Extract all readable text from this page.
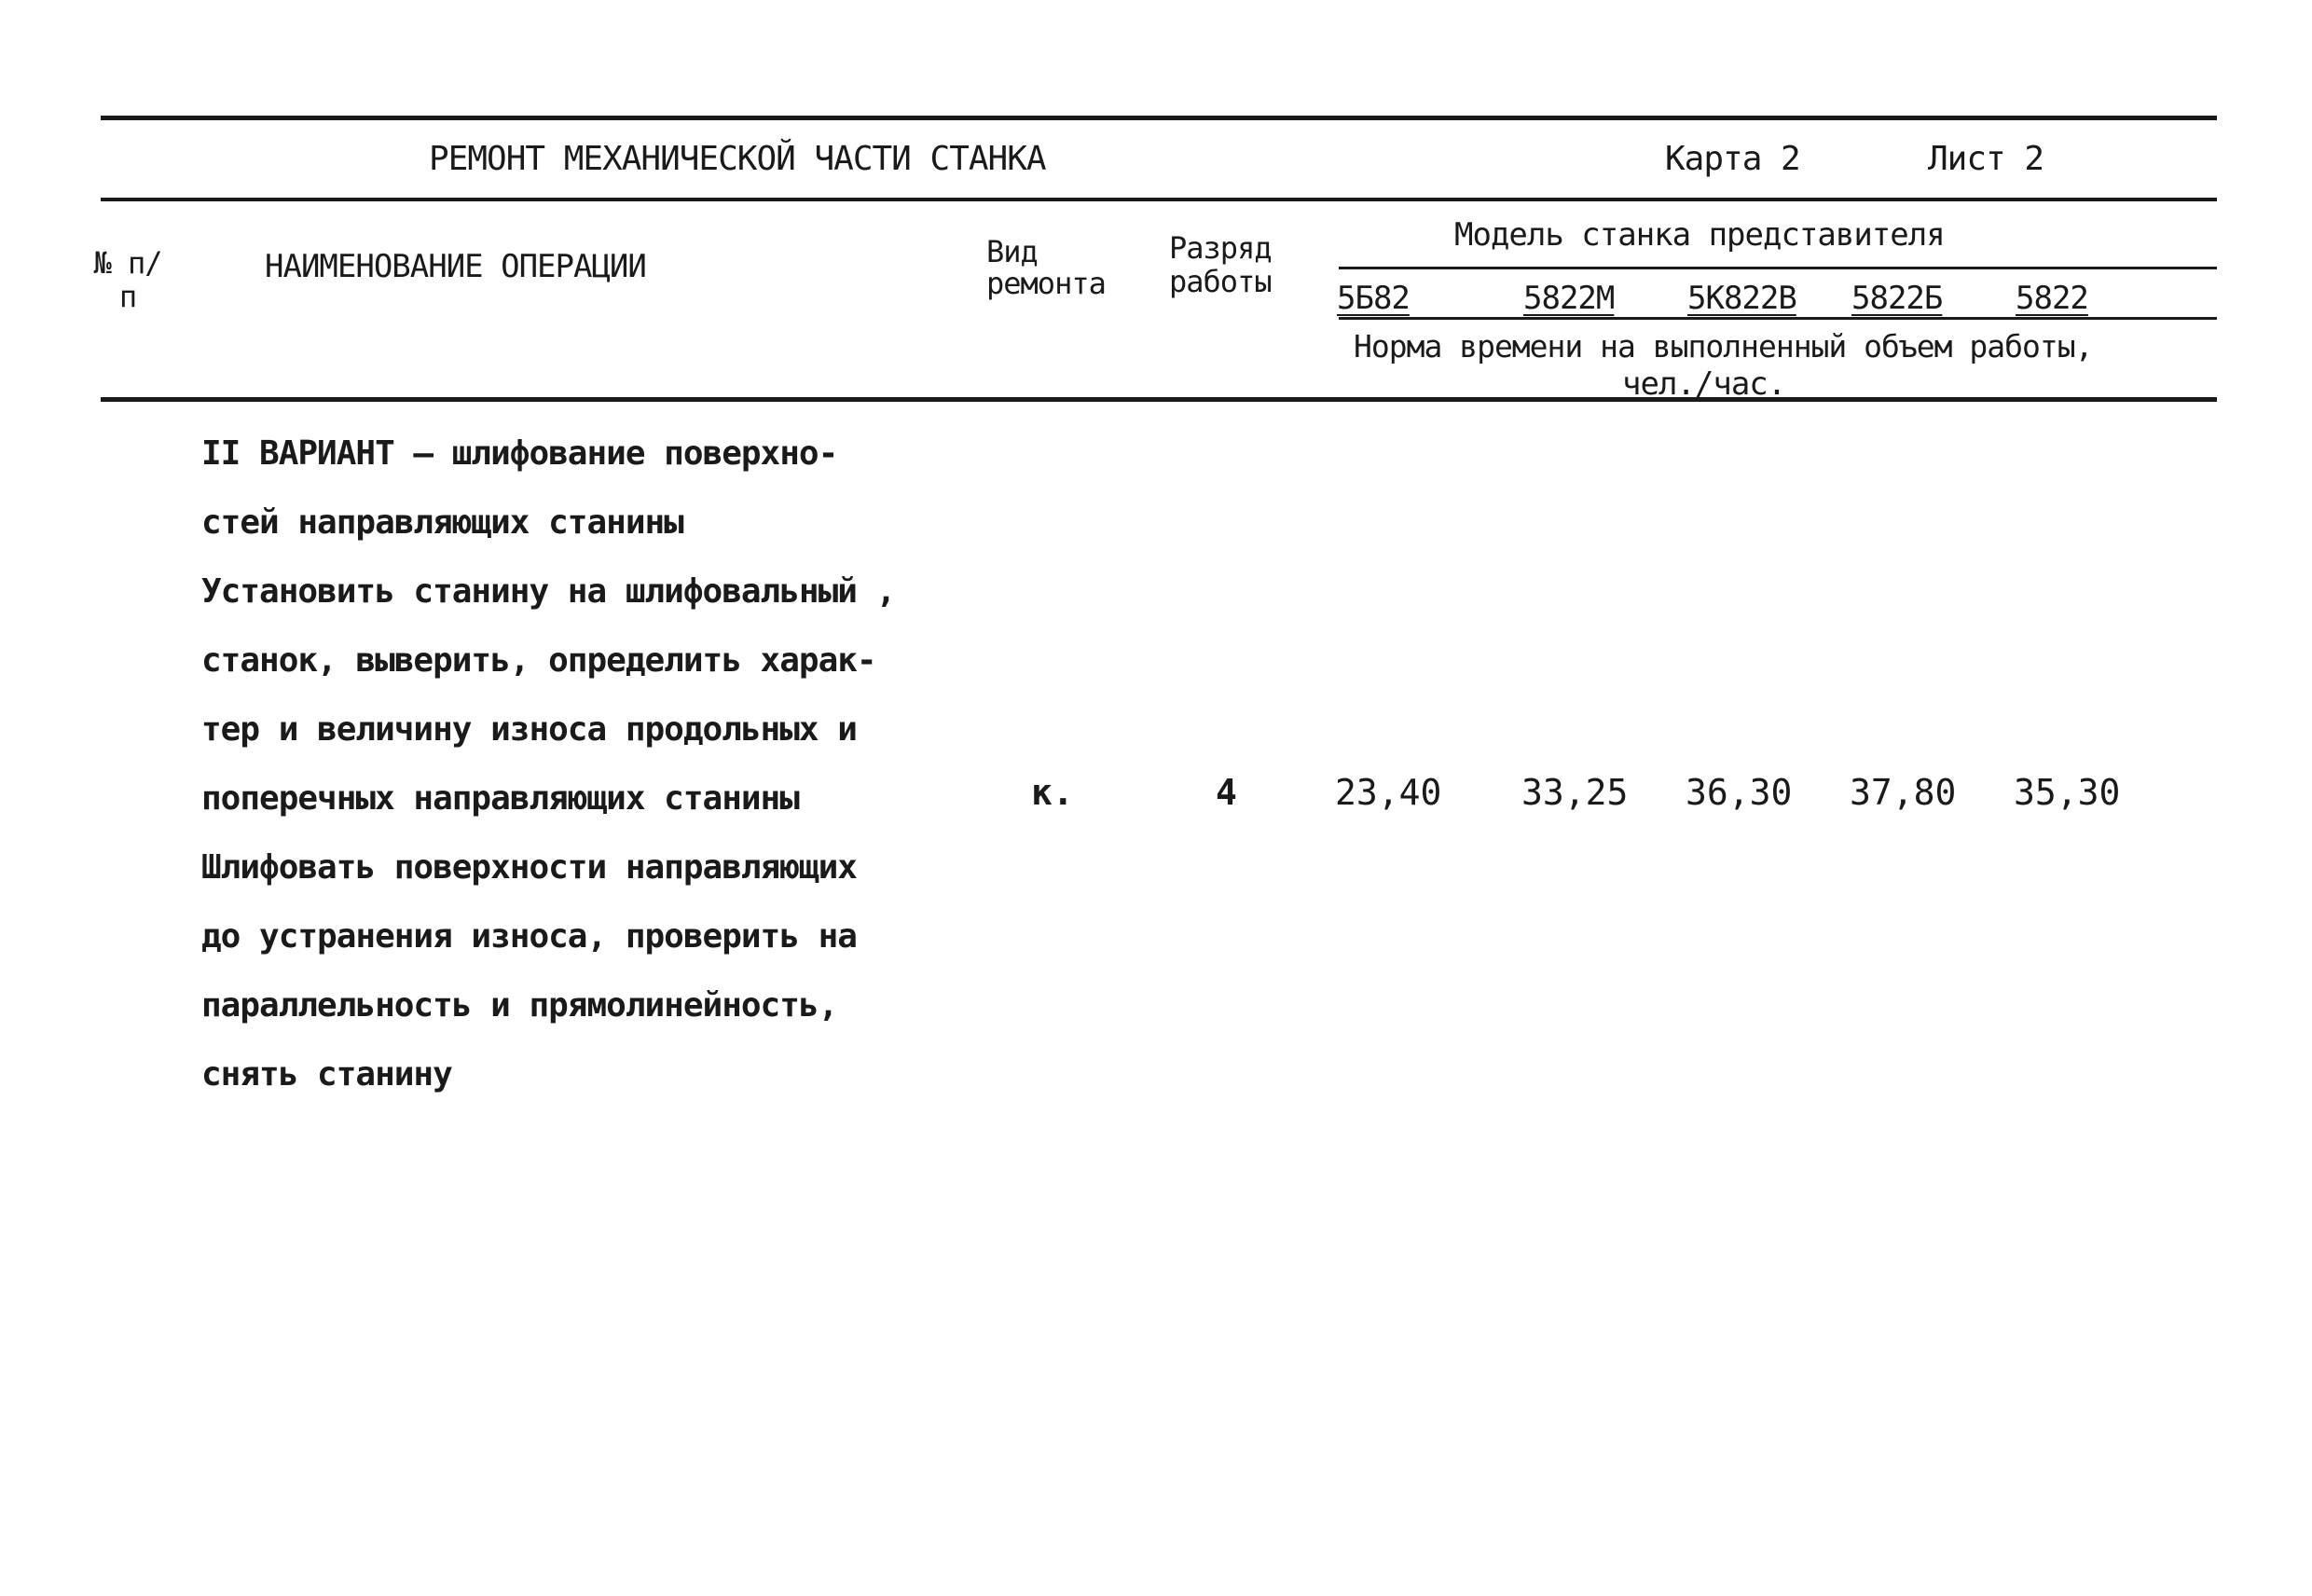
РЕМОНТ МЕХАНИЧЕСКОЙ ЧАСТИ СТАНКА	Карта 2	Лист 2
№ п/п
НАИМЕНОВАНИЕ ОПЕРАЦИИ	Вид
ремонта
Разряд
работы
Модель станка представителя
5Б82	5822М 5К822В 5822Б 5822
Норма времени на выполненный объем работы,
чел./час.
II ВАРИАНТ – шлифование поверхно-
стей направляющих станины
Установить станину на шлифовальный ,
станок, выверить, определить харак-
тер и величину износа продольных и
поперечных направляющих станины
Шлифовать поверхности направляющих
до устранения износа, проверить на
параллельность и прямолинейность,
снять станину
к.	4	23,40 33,25 36,30 37,80 35,30
